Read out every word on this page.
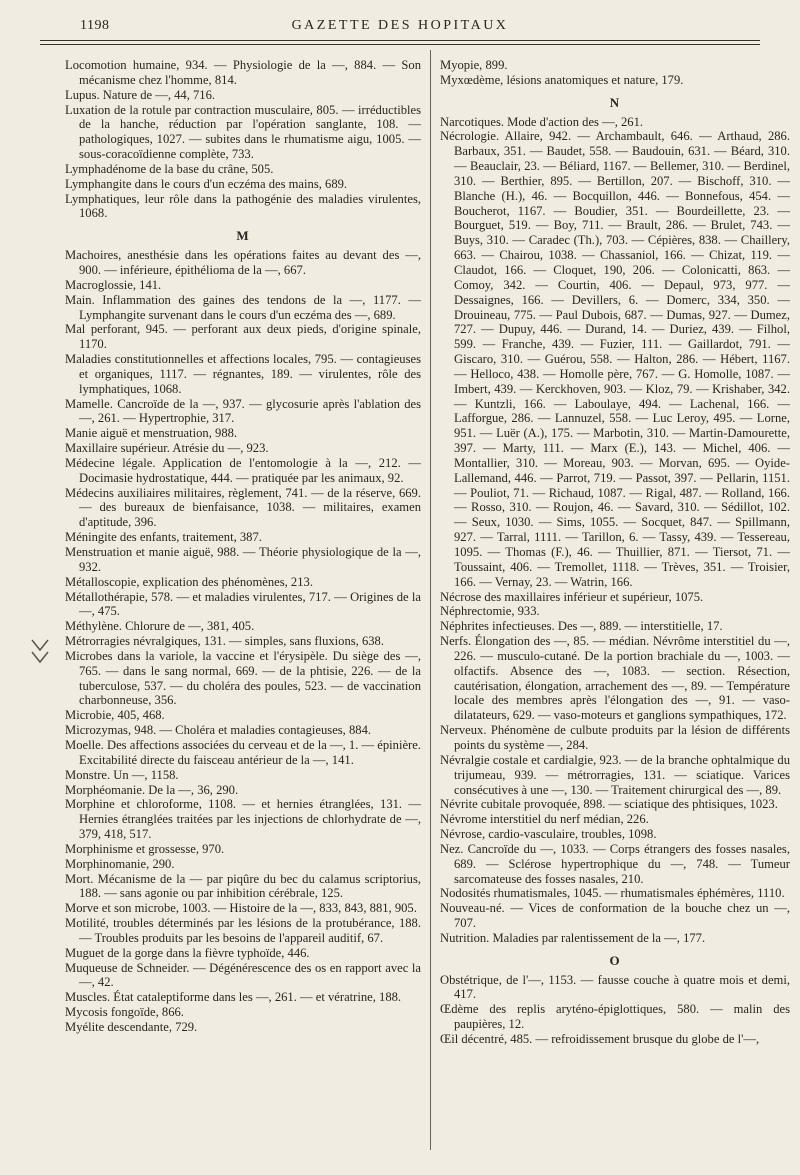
1198	GAZETTE DES HOPITAUX

Locomotion humaine, 934. — Physiologie de la —, 884. — Son mécanisme chez l'homme, 814.

Lupus. Nature de —, 44, 716.

Luxation de la rotule par contraction musculaire, 805. — irréductibles de la hanche, réduction par l'opération sanglante, 108. — pathologiques, 1027. — subites dans le rhumatisme aigu, 1005. — sous-coracoïdienne complète, 733.

Lymphadénome de la base du crâne, 505.

Lymphangite dans le cours d'un eczéma des mains, 689.

Lymphatiques, leur rôle dans la pathogénie des maladies virulentes, 1068.

M

Machoires, anesthésie dans les opérations faites au devant des —, 900. — inférieure, épithélioma de la —, 667.

Macroglossie, 141.

Main. Inflammation des gaines des tendons de la —, 1177. — Lymphangite survenant dans le cours d'un eczéma des —, 689.

Mal perforant, 945. — perforant aux deux pieds, d'origine spinale, 1170.

Maladies constitutionnelles et affections locales, 795. — contagieuses et organiques, 1117. — régnantes, 189. — virulentes, rôle des lymphatiques, 1068.

Mamelle. Cancroïde de la —, 937. — glycosurie après l'ablation des —, 261. — Hypertrophie, 317.

Manie aiguë et menstruation, 988.

Maxillaire supérieur. Atrésie du —, 923.

Médecine légale. Application de l'entomologie à la —, 212. — Docimasie hydrostatique, 444. — pratiquée par les animaux, 92.

Médecins auxiliaires militaires, règlement, 741. — de la réserve, 669. — des bureaux de bienfaisance, 1038. — militaires, examen d'aptitude, 396.

Méningite des enfants, traitement, 387.

Menstruation et manie aiguë, 988. — Théorie physiologique de la —, 932.

Métalloscopie, explication des phénomènes, 213.

Métallothérapie, 578. — et maladies virulentes, 717. — Origines de la —, 475.

Méthylène. Chlorure de —, 381, 405.

Métrorragies névralgiques, 131. — simples, sans fluxions, 638.

Microbes dans la variole, la vaccine et l'érysipèle. Du siège des —, 765. — dans le sang normal, 669. — de la phtisie, 226. — de la tuberculose, 537. — du choléra des poules, 523. — de vaccination charbonneuse, 356.

Microbie, 405, 468.

Microzymas, 948. — Choléra et maladies contagieuses, 884.

Moelle. Des affections associées du cerveau et de la —, 1. — épinière. Excitabilité directe du faisceau antérieur de la —, 141.

Monstre. Un —, 1158.

Morphéomanie. De la —, 36, 290.

Morphine et chloroforme, 1108. — et hernies étranglées, 131. — Hernies étranglées traitées par les injections de chlorhydrate de —, 379, 418, 517.

Morphinisme et grossesse, 970.

Morphinomanie, 290.

Mort. Mécanisme de la — par piqûre du bec du calamus scriptorius, 188. — sans agonie ou par inhibition cérébrale, 125.

Morve et son microbe, 1003. — Histoire de la —, 833, 843, 881, 905.

Motilité, troubles déterminés par les lésions de la protubérance, 188. — Troubles produits par les besoins de l'appareil auditif, 67.

Muguet de la gorge dans la fièvre typhoïde, 446.

Muqueuse de Schneider. — Dégénérescence des os en rapport avec la —, 42.

Muscles. État cataleptiforme dans les —, 261. — et vératrine, 188.

Mycosis fongoïde, 866.

Myélite descendante, 729.

Myopie, 899.

Myxœdème, lésions anatomiques et nature, 179.

N

Narcotiques. Mode d'action des —, 261.

Nécrologie. Allaire, 942. — Archambault, 646. — Arthaud, 286. Barbaux, 351. — Baudet, 558. — Baudouin, 631. — Béard, 310. — Beauclair, 23. — Béliard, 1167. — Bellemer, 310. — Berdinel, 310. — Berthier, 895. — Bertillon, 207. — Bischoff, 310. — Blanche (H.), 46. — Bocquillon, 446. — Bonnefous, 454. — Boucherot, 1167. — Boudier, 351. — Bourdeillette, 23. — Bourguet, 519. — Boy, 711. — Brault, 286. — Brulet, 743. — Buys, 310. — Caradec (Th.), 703. — Cépières, 838. — Chaillery, 663. — Chairou, 1038. — Chassaniol, 166. — Chizat, 119. — Claudot, 166. — Cloquet, 190, 206. — Colonicatti, 863. — Comoy, 342. — Courtin, 406. — Depaul, 973, 977. — Dessaignes, 166. — Devillers, 6. — Domerc, 334, 350. — Drouineau, 775. — Paul Dubois, 687. — Dumas, 927. — Dumez, 727. — Dupuy, 446. — Durand, 14. — Duriez, 439. — Filhol, 599. — Franche, 439. — Fuzier, 111. — Gaillardot, 791. — Giscaro, 310. — Guérou, 558. — Halton, 286. — Hébert, 1167. — Helloco, 438. — Homolle père, 767. — G. Homolle, 1087. — Imbert, 439. — Kerckhoven, 903. — Kloz, 79. — Krishaber, 342. — Kuntzli, 166. — Laboulaye, 494. — Lachenal, 166. — Lafforgue, 286. — Lannuzel, 558. — Luc Leroy, 495. — Lorne, 951. — Luër (A.), 175. — Marbotin, 310. — Martin-Damourette, 397. — Marty, 111. — Marx (E.), 143. — Michel, 406. — Montallier, 310. — Moreau, 903. — Morvan, 695. — Oyide-Lallemand, 446. — Parrot, 719. — Passot, 397. — Pellarin, 1151. — Pouliot, 71. — Richaud, 1087. — Rigal, 487. — Rolland, 166. — Rosso, 310. — Roujon, 46. — Savard, 310. — Sédillot, 102. — Seux, 1030. — Sims, 1055. — Socquet, 847. — Spillmann, 927. — Tarral, 1111. — Tarillon, 6. — Tassy, 439. — Tessereau, 1095. — Thomas (F.), 46. — Thuillier, 871. — Tiersot, 71. — Toussaint, 406. — Tremollet, 1118. — Trèves, 351. — Troisier, 166. — Vernay, 23. — Watrin, 166.

Nécrose des maxillaires inférieur et supérieur, 1075.

Néphrectomie, 933.

Néphrites infectieuses. Des —, 889. — interstitielle, 17.

Nerfs. Élongation des —, 85. — médian. Névrôme interstitiel du —, 226. — musculo-cutané. De la portion brachiale du —, 1003. — olfactifs. Absence des —, 1083. — section. Résection, cautérisation, élongation, arrachement des —, 89. — Température locale des membres après l'élongation des —, 91. — vaso-dilatateurs, 629. — vaso-moteurs et ganglions sympathiques, 172.

Nerveux. Phénomène de culbute produits par la lésion de différents points du système —, 284.

Névralgie costale et cardialgie, 923. — de la branche ophtalmique du trijumeau, 939. — métrorragies, 131. — sciatique. Varices consécutives à une —, 130. — Traitement chirurgical des —, 89.

Névrite cubitale provoquée, 898. — sciatique des phtisiques, 1023.

Névrome interstitiel du nerf médian, 226.

Névrose, cardio-vasculaire, troubles, 1098.

Nez. Cancroïde du —, 1033. — Corps étrangers des fosses nasales, 689. — Sclérose hypertrophique du —, 748. — Tumeur sarcomateuse des fosses nasales, 210.

Nodosités rhumatismales, 1045. — rhumatismales éphémères, 1110.

Nouveau-né. — Vices de conformation de la bouche chez un —, 707.

Nutrition. Maladies par ralentissement de la —, 177.

O

Obstétrique, de l'—, 1153. — fausse couche à quatre mois et demi, 417.

Œdème des replis aryténo-épiglottiques, 580. — malin des paupières, 12.

Œil décentré, 485. — refroidissement brusque du globe de l'—,
